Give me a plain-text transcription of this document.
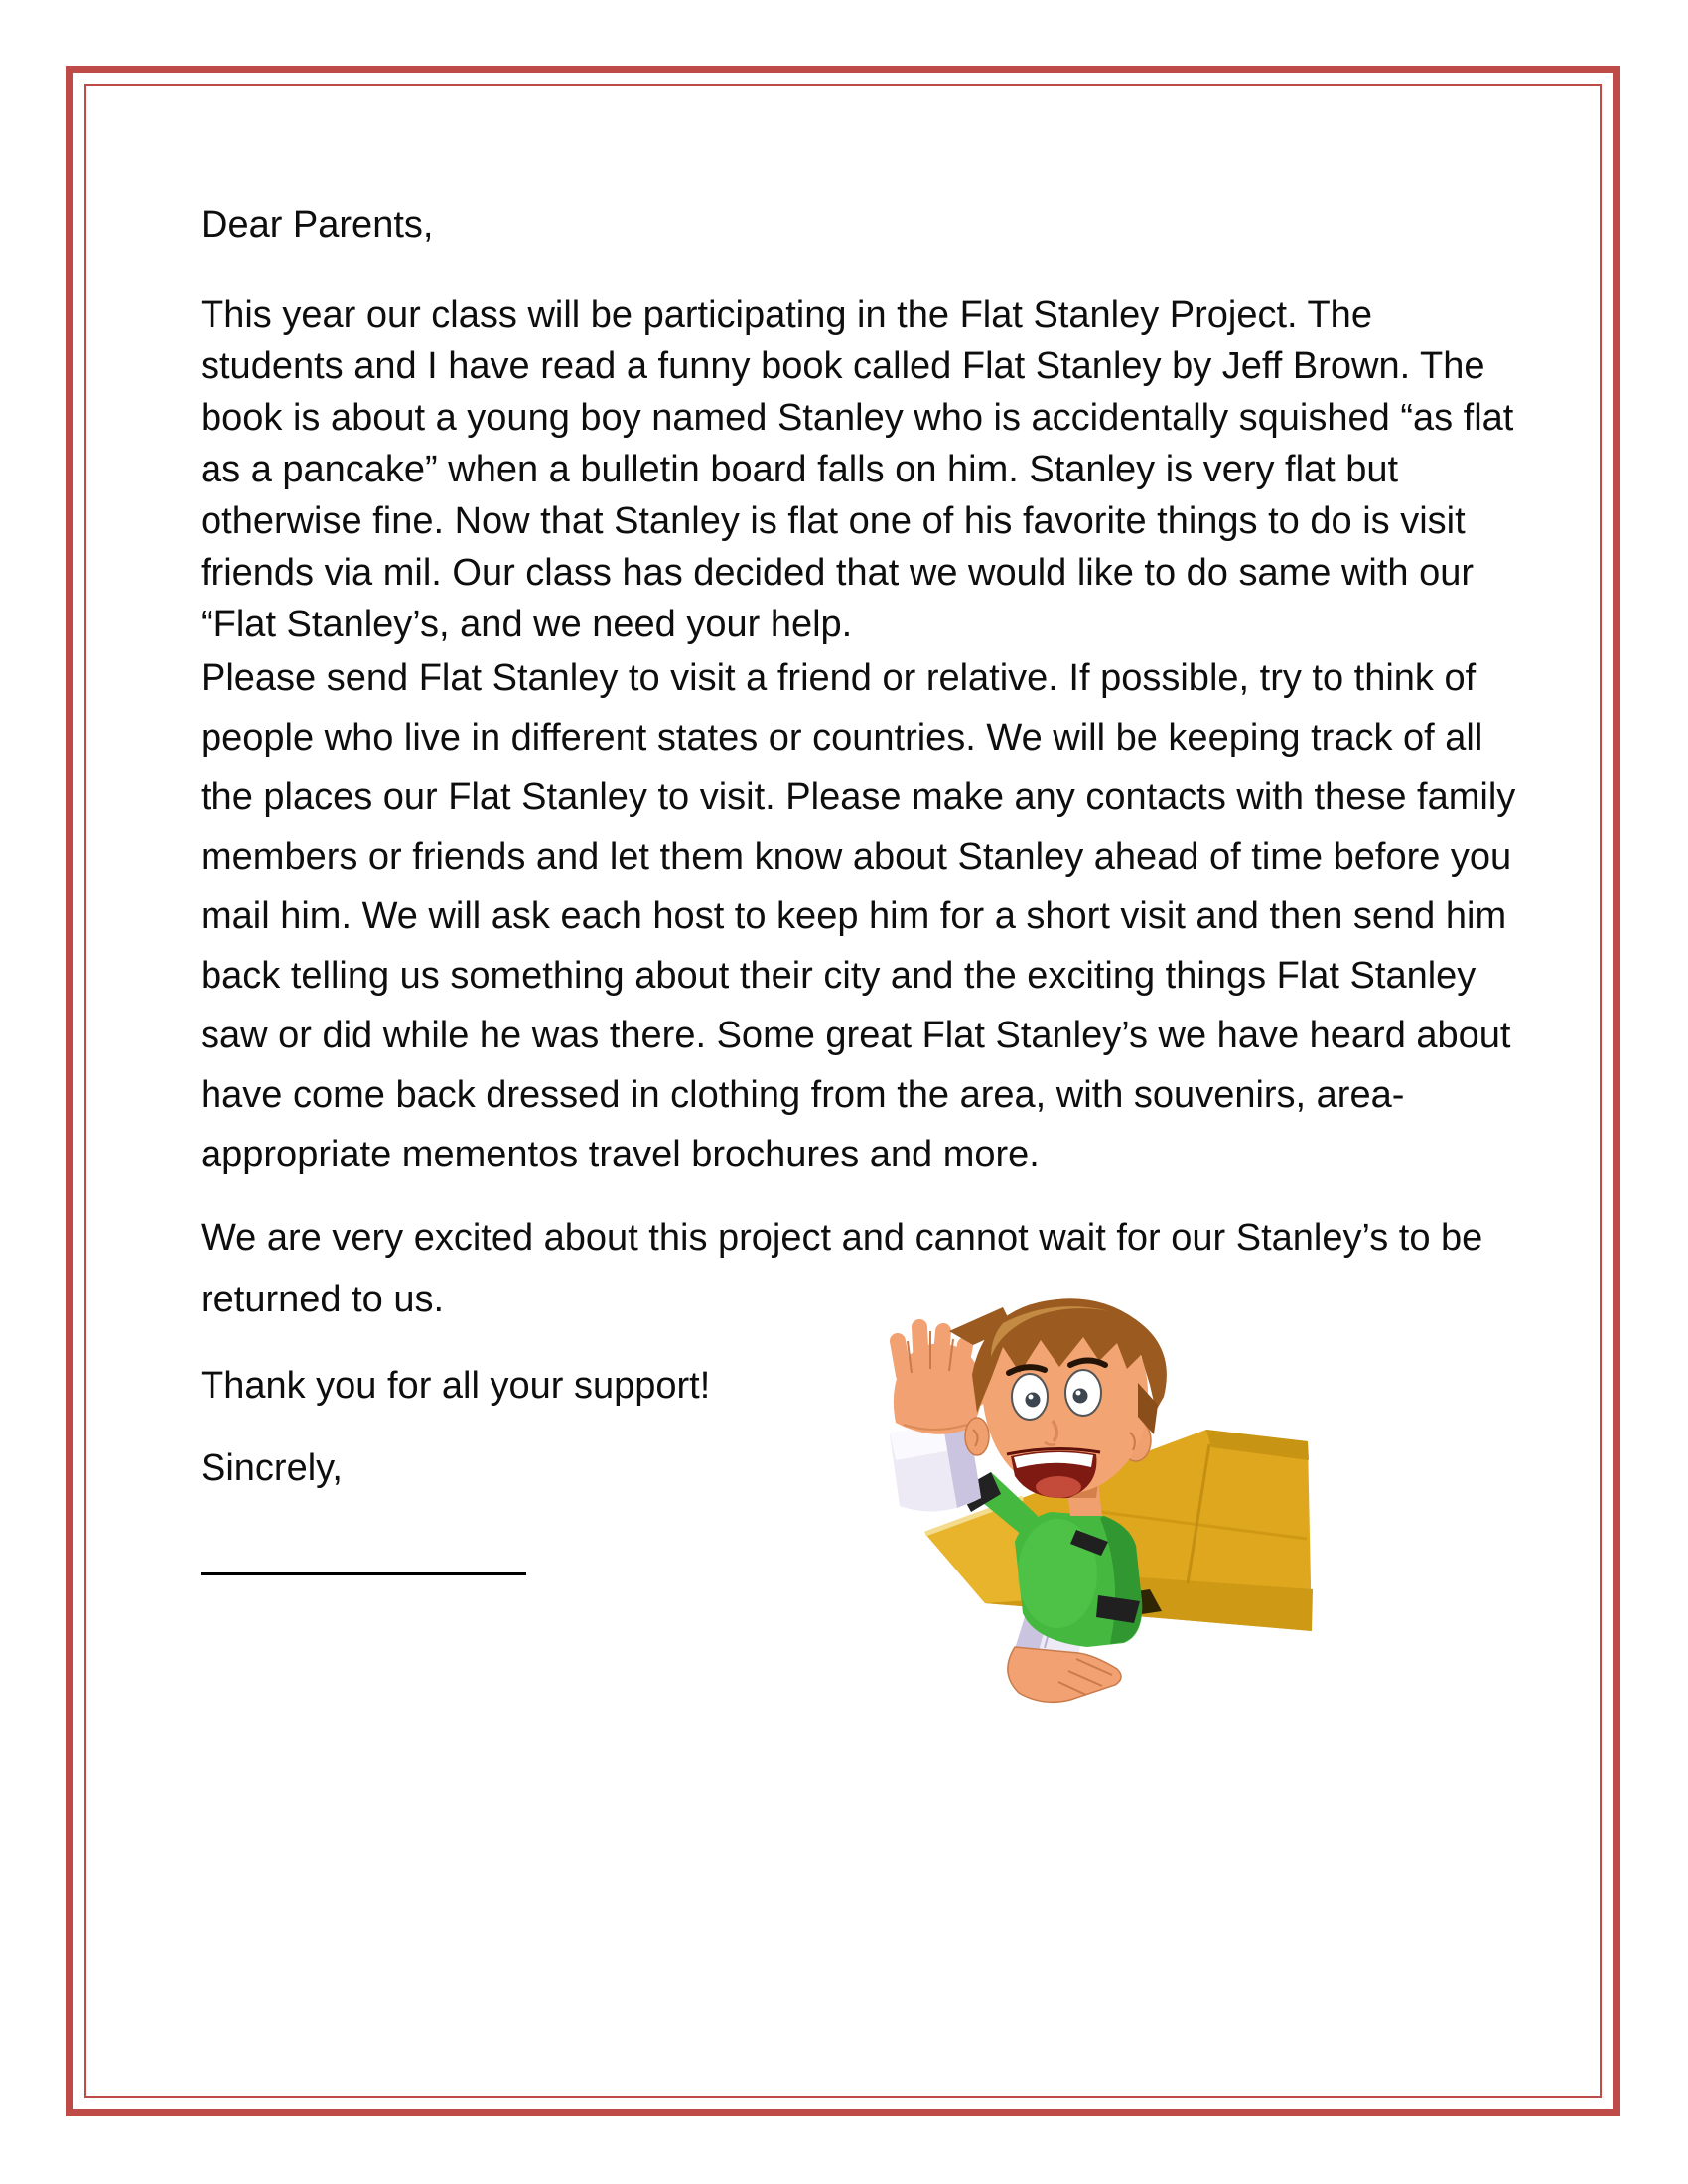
Dear Parents,
This year our class will be participating in the Flat Stanley Project. The
students and I have read a funny book called Flat Stanley by Jeff Brown. The
book is about a young boy named Stanley who is accidentally squished “as flat
as a pancake” when a bulletin board falls on him. Stanley is very flat but
otherwise fine. Now that Stanley is flat one of his favorite things to do is visit
friends via mil. Our class has decided that we would like to do same with our
“Flat Stanley’s, and we need your help.
Please send Flat Stanley to visit a friend or relative. If possible, try to think of
people who live in different states or countries. We will be keeping track of all
the places our Flat Stanley to visit. Please make any contacts with these family
members or friends and let them know about Stanley ahead of time before you
mail him. We will ask each host to keep him for a short visit and then send him
back telling us something about their city and the exciting things Flat Stanley
saw or did while he was there. Some great Flat Stanley’s we have heard about
have come back dressed in clothing from the area, with souvenirs, area-
appropriate mementos travel brochures and more.
We are very excited about this project and cannot wait for our Stanley’s to be
returned to us.
Thank you for all your support!
Sincrely,
